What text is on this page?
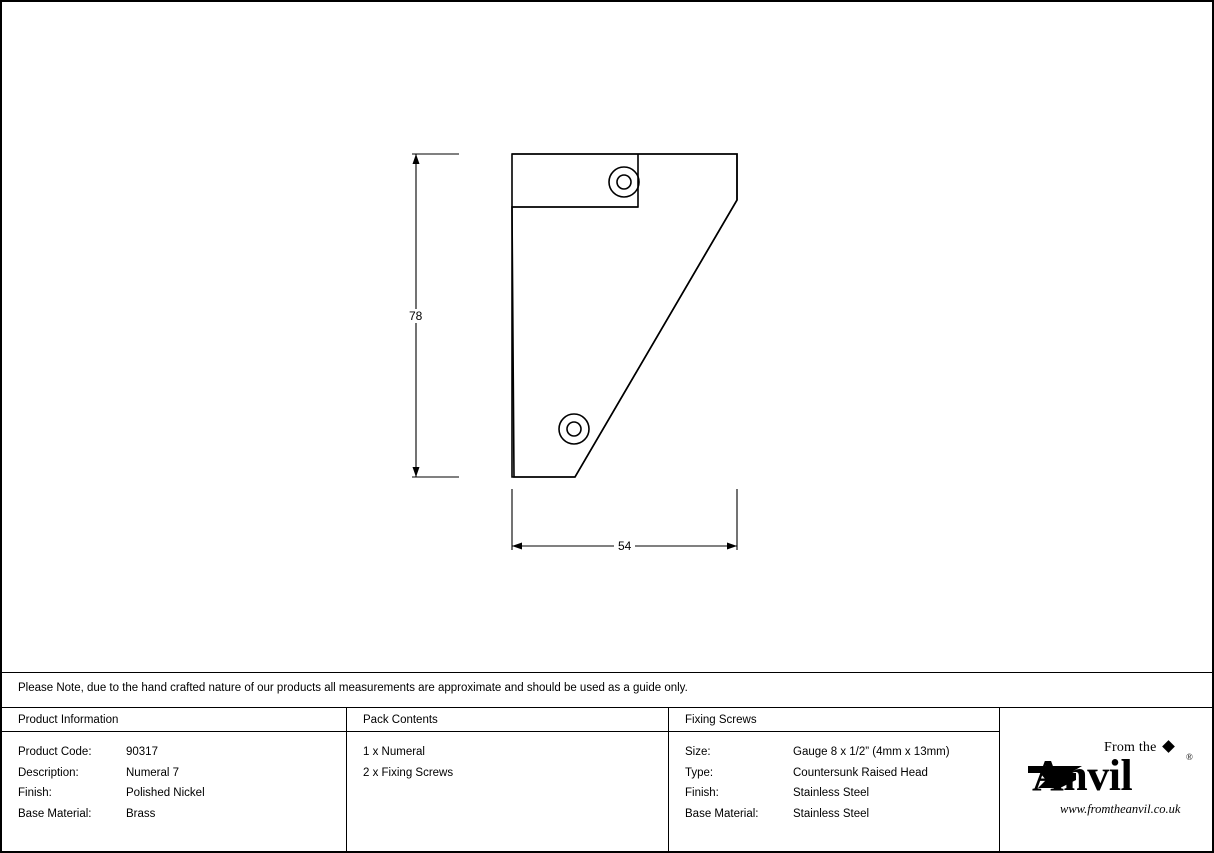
78
54
Please Note, due to the hand crafted nature of our products all measurements are approximate and should be used as a guide only.
Product Information
Product Code:	90317
Description:	Numeral 7
Finish:	Polished Nickel
Base Material:	Brass
Pack Contents
1 x Numeral
2 x Fixing Screws
Fixing Screws
Size:	Gauge 8 x 1/2” (4mm x 13mm)
Type:	Countersunk Raised Head
Finish:	Stainless Steel
Base Material:	Stainless Steel
From the
Anvil	®
www.fromtheanvil.co.uk
